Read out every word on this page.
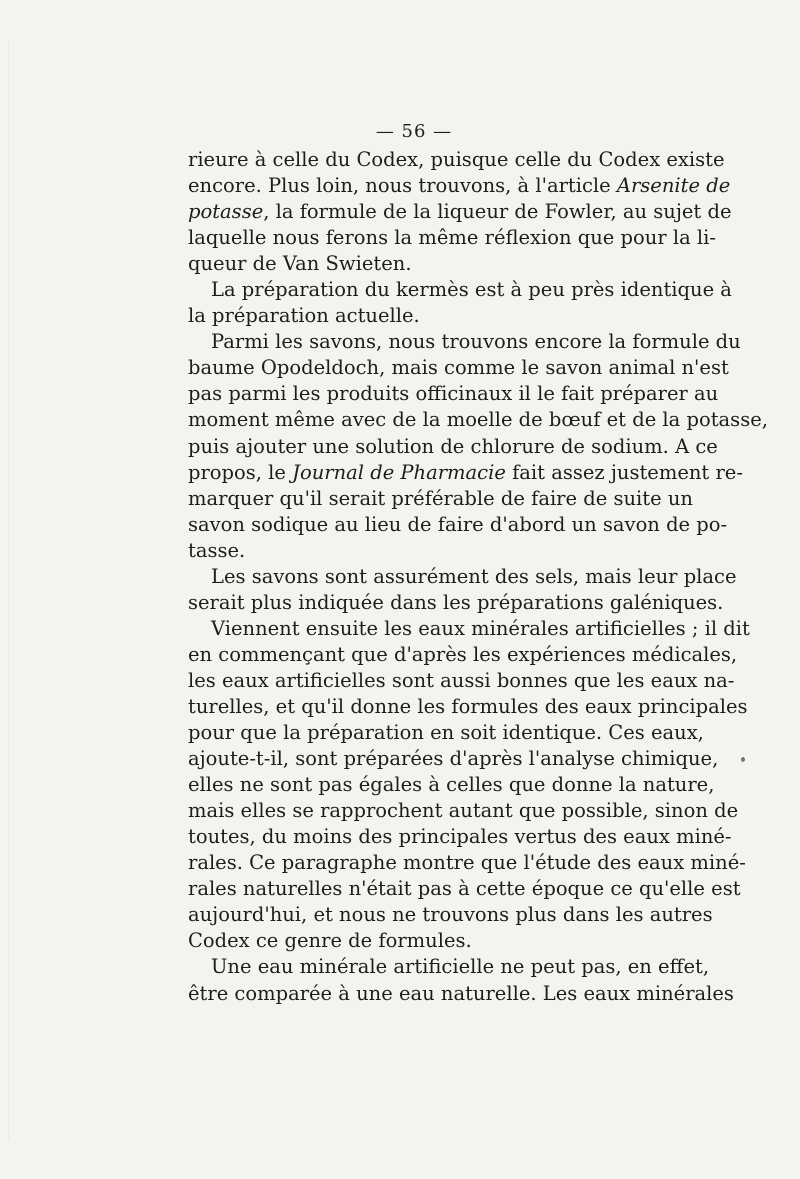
— 56 —
rieure à celle du Codex, puisque celle du Codex existe
encore. Plus loin, nous trouvons, à l'article Arsenite de
potasse, la formule de la liqueur de Fowler, au sujet de
laquelle nous ferons la même réflexion que pour la li-
queur de Van Swieten.
La préparation du kermès est à peu près identique à
la préparation actuelle.
Parmi les savons, nous trouvons encore la formule du
baume Opodeldoch, mais comme le savon animal n'est
pas parmi les produits officinaux il le fait préparer au
moment même avec de la moelle de bœuf et de la potasse,
puis ajouter une solution de chlorure de sodium. A ce
propos, le Journal de Pharmacie fait assez justement re-
marquer qu'il serait préférable de faire de suite un
savon sodique au lieu de faire d'abord un savon de po-
tasse.
Les savons sont assurément des sels, mais leur place
serait plus indiquée dans les préparations galéniques.
Viennent ensuite les eaux minérales artificielles ; il dit
en commençant que d'après les expériences médicales,
les eaux artificielles sont aussi bonnes que les eaux na-
turelles, et qu'il donne les formules des eaux principales
pour que la préparation en soit identique. Ces eaux,
ajoute-t-il, sont préparées d'après l'analyse chimique,
elles ne sont pas égales à celles que donne la nature,
mais elles se rapprochent autant que possible, sinon de
toutes, du moins des principales vertus des eaux miné-
rales. Ce paragraphe montre que l'étude des eaux miné-
rales naturelles n'était pas à cette époque ce qu'elle est
aujourd'hui, et nous ne trouvons plus dans les autres
Codex ce genre de formules.
Une eau minérale artificielle ne peut pas, en effet,
être comparée à une eau naturelle. Les eaux minérales
